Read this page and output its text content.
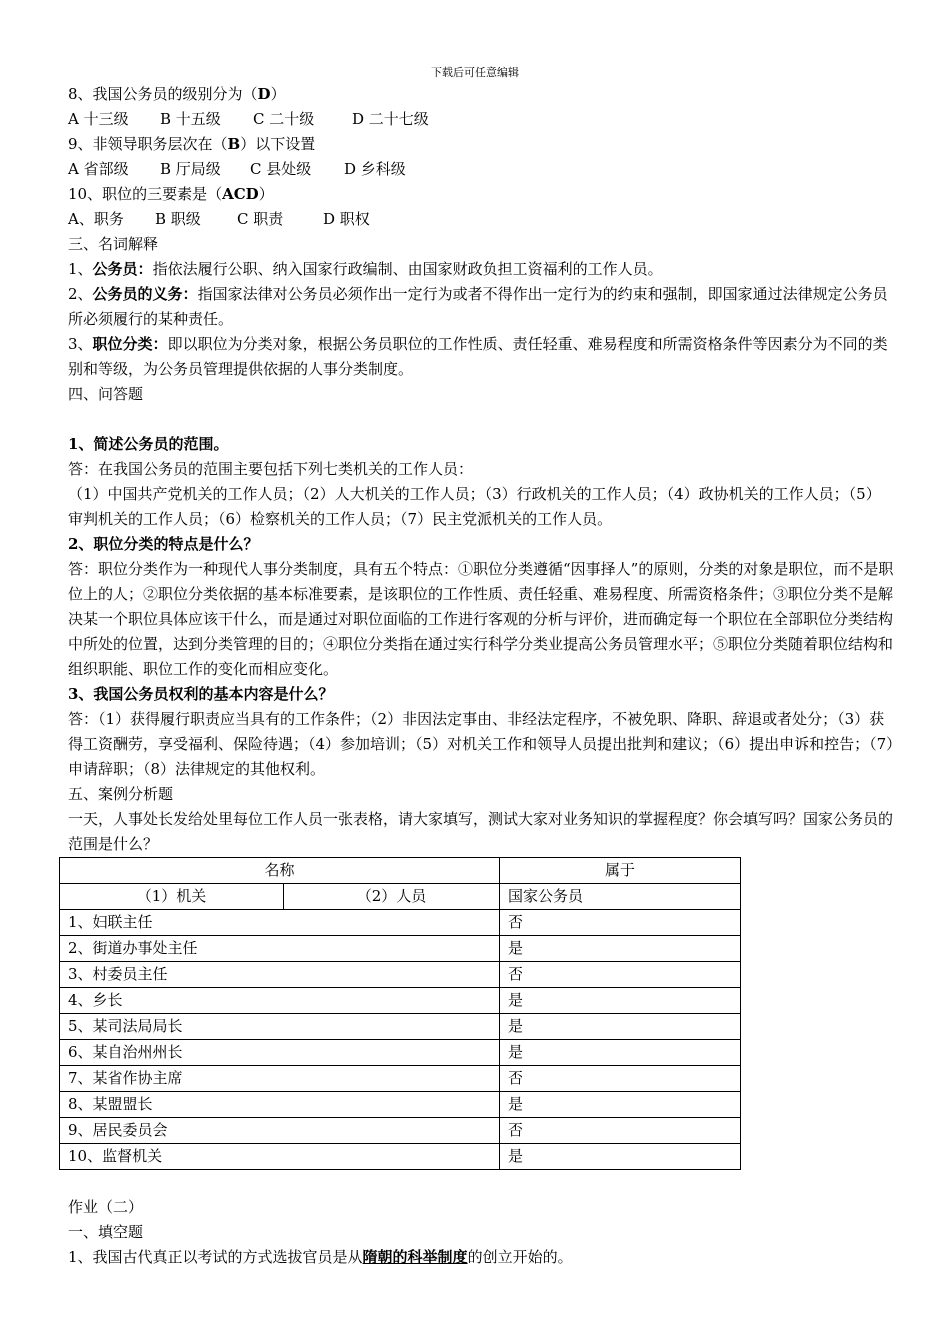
下载后可任意编辑

8、我国公务员的级别分为（D）

A 十三级 B 十五级 C 二十级	D 二十七级

9、非领导职务层次在（B）以下设置

A 省部级 B 厅局级 C 县处级 D 乡科级

10、职位的三要素是（ACD）

A、职务 B 职级 C 职责	D 职权

三、名词解释

1、公务员：指依法履行公职、纳入国家行政编制、由国家财政负担工资福利的工作人员。

2、公务员的义务：指国家法律对公务员必须作出一定行为或者不得作出一定行为的约束和强制，即国家通过法律规定公务员所必须履行的某种责任。

3、职位分类：即以职位为分类对象，根据公务员职位的工作性质、责任轻重、难易程度和所需资格条件等因素分为不同的类别和等级，为公务员管理提供依据的人事分类制度。

四、问答题

1、简述公务员的范围。

答：在我国公务员的范围主要包括下列七类机关的工作人员：

（1）中国共产党机关的工作人员；（2）人大机关的工作人员；（3）行政机关的工作人员；（4）政协机关的工作人员；（5）审判机关的工作人员；（6）检察机关的工作人员；（7）民主党派机关的工作人员。

2、职位分类的特点是什么？

答：职位分类作为一种现代人事分类制度，具有五个特点：①职位分类遵循“因事择人”的原则，分类的对象是职位，而不是职位上的人；②职位分类依据的基本标准要素，是该职位的工作性质、责任轻重、难易程度、所需资格条件；③职位分类不是解决某一个职位具体应该干什么，而是通过对职位面临的工作进行客观的分析与评价，进而确定每一个职位在全部职位分类结构中所处的位置，达到分类管理的目的；④职位分类指在通过实行科学分类业提高公务员管理水平；⑤职位分类随着职位结构和组织职能、职位工作的变化而相应变化。

3、我国公务员权利的基本内容是什么？

答：（1）获得履行职责应当具有的工作条件；（2）非因法定事由、非经法定程序，不被免职、降职、辞退或者处分；（3）获得工资酬劳，享受福利、保险待遇；（4）参加培训；（5）对机关工作和领导人员提出批判和建议；（6）提出申诉和控告；（7）申请辞职；（8）法律规定的其他权利。

五、案例分析题

一天，人事处长发给处里每位工作人员一张表格，请大家填写，测试大家对业务知识的掌握程度？你会填写吗？国家公务员的范围是什么？

名称		属于
（1）机关	（2）人员	国家公务员
1、妇联主任		否
2、街道办事处主任		是
3、村委员主任		否
4、乡长		是
5、某司法局局长		是
6、某自治州州长		是
7、某省作协主席		否
8、某盟盟长		是
9、居民委员会		否
10、监督机关		是

作业（二）

一、填空题

1、我国古代真正以考试的方式选拔官员是从隋朝的科举制度的创立开始的。
